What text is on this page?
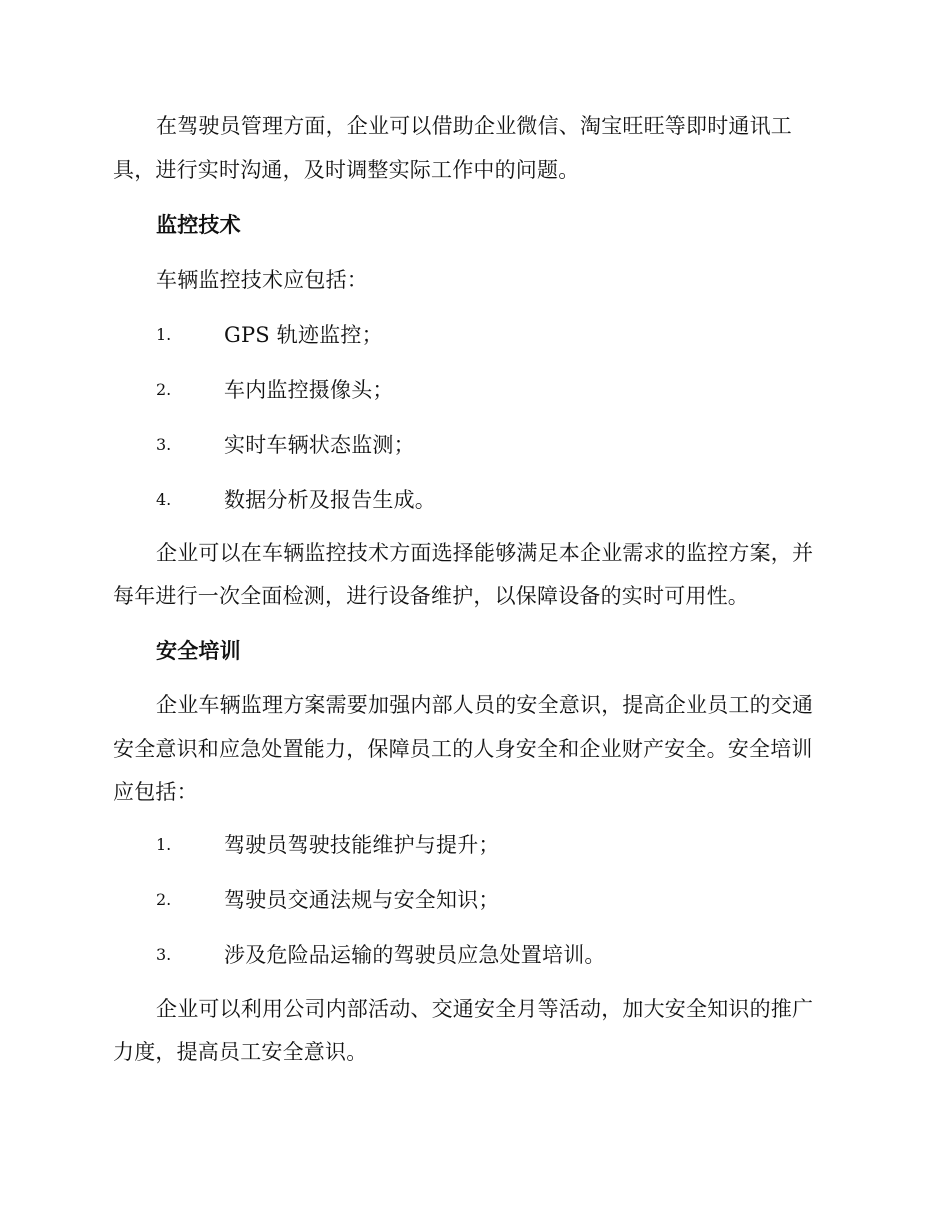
在驾驶员管理方面，企业可以借助企业微信、淘宝旺旺等即时通讯工
具，进行实时沟通，及时调整实际工作中的问题。
监控技术
车辆监控技术应包括：
1.	GPS 轨迹监控；
2.	车内监控摄像头；
3.	实时车辆状态监测；
4.	数据分析及报告生成。
企业可以在车辆监控技术方面选择能够满足本企业需求的监控方案，并
每年进行一次全面检测，进行设备维护，以保障设备的实时可用性。
安全培训
企业车辆监理方案需要加强内部人员的安全意识，提高企业员工的交通
安全意识和应急处置能力，保障员工的人身安全和企业财产安全。安全培训
应包括：
1.	驾驶员驾驶技能维护与提升；
2.	驾驶员交通法规与安全知识；
3.	涉及危险品运输的驾驶员应急处置培训。
企业可以利用公司内部活动、交通安全月等活动，加大安全知识的推广
力度，提高员工安全意识。
